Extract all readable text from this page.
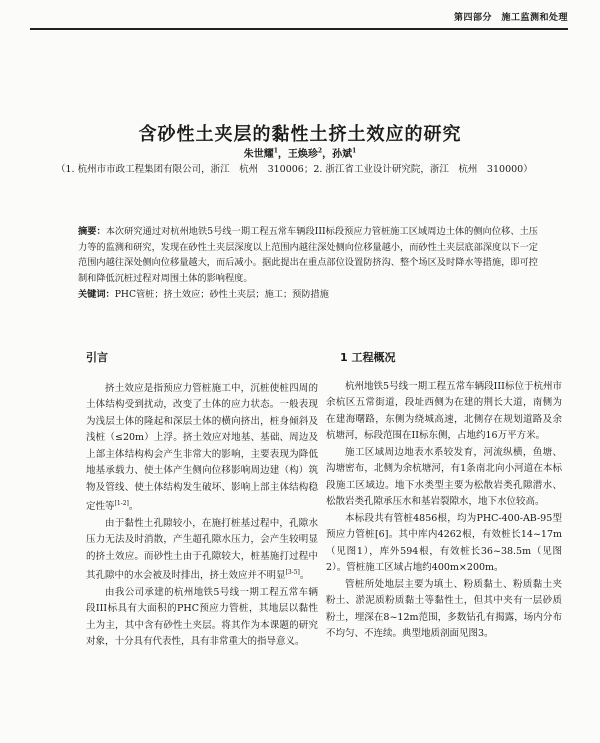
第四部分　施工监测和处理
含砂性土夹层的黏性土挤土效应的研究
朱世耀$^1$，王焕珍$^2$，孙斌$^1$
（1. 杭州市市政工程集团有限公司，浙江　杭州　310006；2. 浙江省工业设计研究院，浙江　杭州　310000）
摘要：本次研究通过对杭州地铁5号线一期工程五常车辆段III标段预应力管桩施工区域周边土体的侧向位移、土压力等的监测和研究，发现在砂性土夹层深度以上范围内越往深处侧向位移量越小，而砂性土夹层底部深度以下一定范围内越往深处侧向位移量越大，而后减小。据此提出在重点部位设置防挤沟、整个场区及时降水等措施，即可控制和降低沉桩过程对周围土体的影响程度。
关键词：PHC管桩；挤土效应；砂性土夹层；施工；预防措施
引言

挤土效应是指预应力管桩施工中，沉桩使桩四周的土体结构受到扰动，改变了土体的应力状态。一般表现为浅层土体的隆起和深层土体的横向挤出，桩身倾斜及浅桩（≤20m）上浮。挤土效应对地基、基础、周边及上部主体结构构会产生非常大的影响，主要表现为降低地基承载力、使土体产生侧向位移影响周边建（构）筑物及管线、使土体结构发生破坏、影响上部主体结构稳定性等[1-2]。

由于黏性土孔隙较小，在施打桩基过程中，孔隙水压力无法及时消散，产生超孔隙水压力，会产生较明显的挤土效应。而砂性土由于孔隙较大，桩基施打过程中其孔隙中的水会被及时排出，挤土效应并不明显[3-5]。

由我公司承建的杭州地铁5号线一期工程五常车辆段III标具有大面积的PHC预应力管桩，其地层以黏性土为主，其中含有砂性土夹层。将其作为本课题的研究对象，十分具有代表性，具有非常重大的指导意义。

1 工程概况

杭州地铁5号线一期工程五常车辆段III标位于杭州市余杭区五常街道，段址西侧为在建的荆长大道，南侧为在建海曙路，东侧为绕城高速，北侧存在规划道路及余杭塘河，标段范围在II标东侧，占地约16万平方米。

施工区域周边地表水系较发育，河流纵横，鱼塘、沟塘密布，北侧为余杭塘河，有1条南北向小河道在本标段施工区域边。地下水类型主要为松散岩类孔隙潜水、松散岩类孔隙承压水和基岩裂隙水，地下水位较高。

本标段共有管桩4856根，均为PHC-400-AB-95型预应力管桩[6]。其中库内4262根，有效桩长14~17m（见图1），库外594根，有效桩长36~38.5m（见图2）。管桩施工区域占地约400m×200m。

管桩所处地层主要为填土、粉质黏土、粉质黏土夹粉土、淤泥质粉质黏土等黏性土，但其中夹有一层砂质粉土，埋深在8~12m范围，多数钻孔有揭露，场内分布不均匀、不连续。典型地质剖面见图3。
